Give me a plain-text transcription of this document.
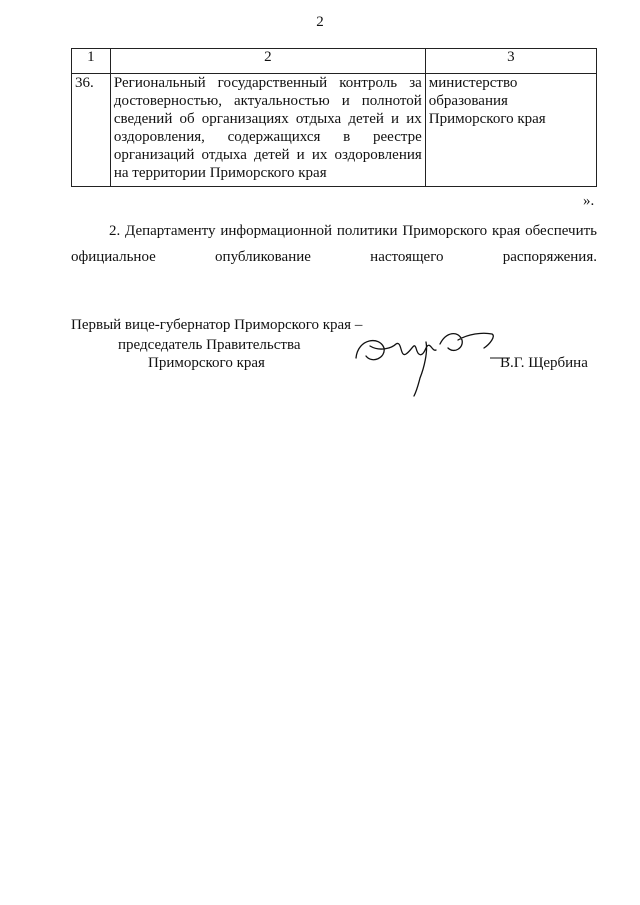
2
1	2	3
36.	Региональный государственный контроль за достоверностью, актуальностью и полнотой сведений об организациях отдыха детей и их оздоровления, содержащихся в реестре организаций отдыха детей и их оздоровления на территории Приморского края	министерство образования Приморского края
».
2. Департаменту информационной политики Приморского края обеспечить официальное опубликование настоящего распоряжения.
Первый вице-губернатор Приморского края –
председатель Правительства
Приморского края	В.Г. Щербина
